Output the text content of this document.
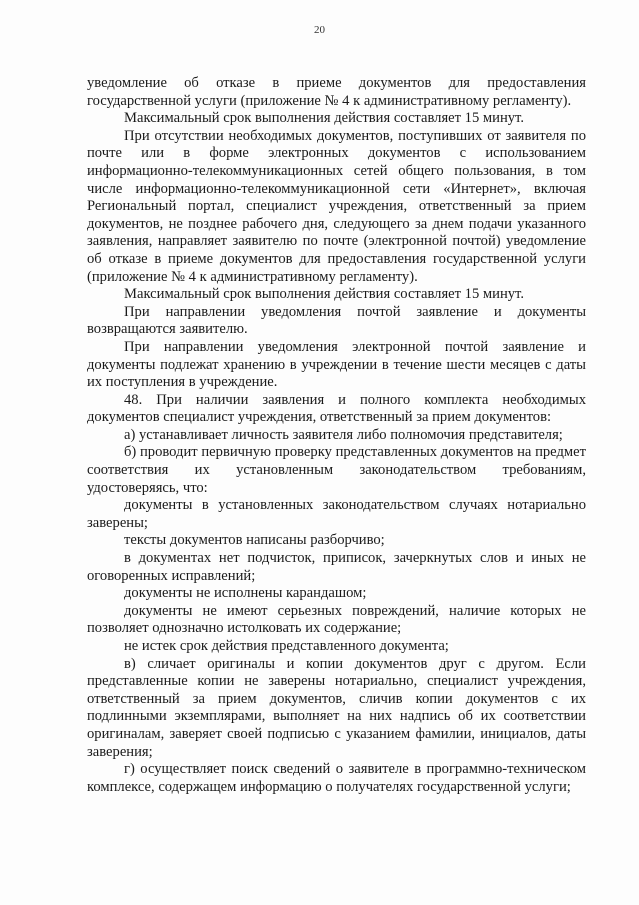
20

уведомление об отказе в приеме документов для предоставления государственной услуги (приложение № 4 к административному регламенту).

Максимальный срок выполнения действия составляет 15 минут.

При отсутствии необходимых документов, поступивших от заявителя по почте или в форме электронных документов с использованием информационно-телекоммуникационных сетей общего пользования, в том числе информационно-телекоммуникационной сети «Интернет», включая Региональный портал, специалист учреждения, ответственный за прием документов, не позднее рабочего дня, следующего за днем подачи указанного заявления, направляет заявителю по почте (электронной почтой) уведомление об отказе в приеме документов для предоставления государственной услуги (приложение № 4 к административному регламенту).

Максимальный срок выполнения действия составляет 15 минут.

При направлении уведомления почтой заявление и документы возвращаются заявителю.

При направлении уведомления электронной почтой заявление и документы подлежат хранению в учреждении в течение шести месяцев с даты их поступления в учреждение.

48. При наличии заявления и полного комплекта необходимых документов специалист учреждения, ответственный за прием документов:

а) устанавливает личность заявителя либо полномочия представителя;

б) проводит первичную проверку представленных документов на предмет соответствия их установленным законодательством требованиям, удостоверяясь, что:

документы в установленных законодательством случаях нотариально заверены;

тексты документов написаны разборчиво;

в документах нет подчисток, приписок, зачеркнутых слов и иных не оговоренных исправлений;

документы не исполнены карандашом;

документы не имеют серьезных повреждений, наличие которых не позволяет однозначно истолковать их содержание;

не истек срок действия представленного документа;

в) сличает оригиналы и копии документов друг с другом. Если представленные копии не заверены нотариально, специалист учреждения, ответственный за прием документов, сличив копии документов с их подлинными экземплярами, выполняет на них надпись об их соответствии оригиналам, заверяет своей подписью с указанием фамилии, инициалов, даты заверения;

г) осуществляет поиск сведений о заявителе в программно-техническом комплексе, содержащем информацию о получателях государственной услуги;
